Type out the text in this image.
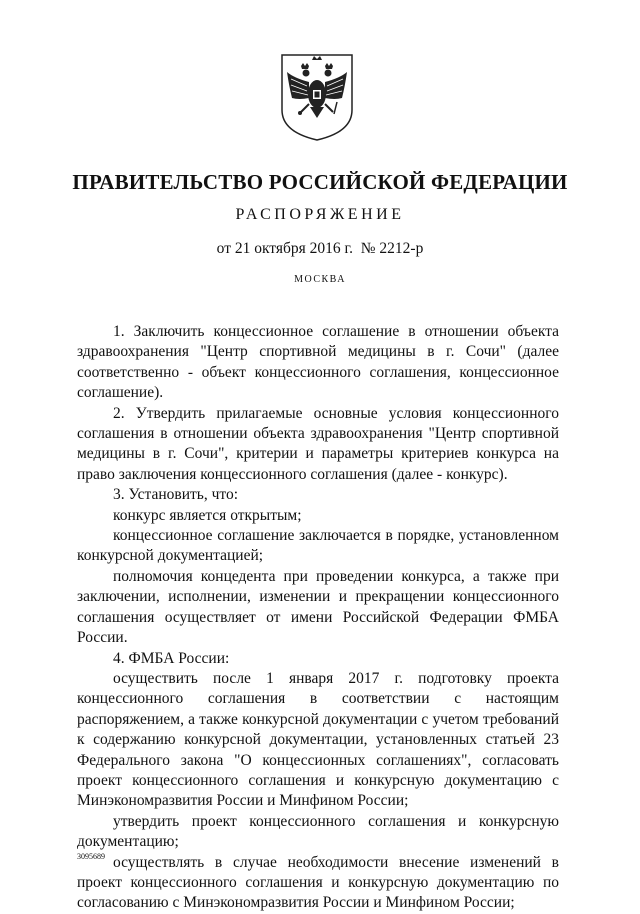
ПРАВИТЕЛЬСТВО РОССИЙСКОЙ ФЕДЕРАЦИИ
РАСПОРЯЖЕНИЕ
от 21 октября 2016 г. № 2212-р
МОСКВА

1. Заключить концессионное соглашение в отношении объекта здравоохранения "Центр спортивной медицины в г. Сочи" (далее соответственно - объект концессионного соглашения, концессионное соглашение).

2. Утвердить прилагаемые основные условия концессионного соглашения в отношении объекта здравоохранения "Центр спортивной медицины в г. Сочи", критерии и параметры критериев конкурса на право заключения концессионного соглашения (далее - конкурс).

3. Установить, что:

конкурс является открытым;

концессионное соглашение заключается в порядке, установленном конкурсной документацией;

полномочия концедента при проведении конкурса, а также при заключении, исполнении, изменении и прекращении концессионного соглашения осуществляет от имени Российской Федерации ФМБА России.

4. ФМБА России:

осуществить после 1 января 2017 г. подготовку проекта концессионного соглашения в соответствии с настоящим распоряжением, а также конкурсной документации с учетом требований к содержанию конкурсной документации, установленных статьей 23 Федерального закона "О концессионных соглашениях", согласовать проект концессионного соглашения и конкурсную документацию с Минэкономразвития России и Минфином России;

утвердить проект концессионного соглашения и конкурсную документацию;

осуществлять в случае необходимости внесение изменений в проект концессионного соглашения и конкурсную документацию по согласованию с Минэкономразвития России и Минфином России;

3095689
